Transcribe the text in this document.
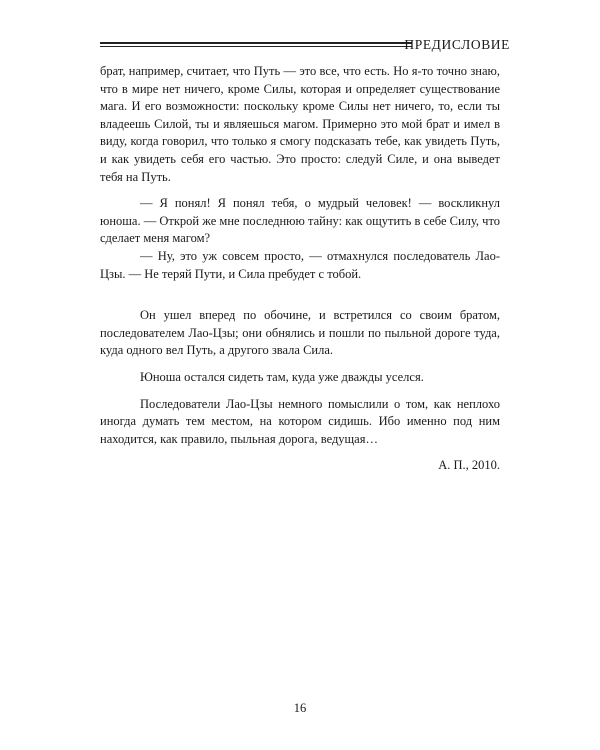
ПРЕДИСЛОВИЕ

брат, например, считает, что Путь — это все, что есть. Но я-то точно знаю, что в мире нет ничего, кроме Силы, которая и определяет существование мага. И его возможности: поскольку кроме Силы нет ничего, то, если ты владеешь Силой, ты и являешься магом. Примерно это мой брат и имел в виду, когда говорил, что только я смогу подсказать тебе, как увидеть Путь, и как увидеть себя его частью. Это просто: следуй Силе, и она выведет тебя на Путь.

— Я понял! Я понял тебя, о мудрый человек! — воскликнул юноша. — Открой же мне последнюю тайну: как ощутить в себе Силу, что сделает меня магом?

— Ну, это уж совсем просто, — отмахнулся последователь Лао-Цзы. — Не теряй Пути, и Сила пребудет с тобой.

Он ушел вперед по обочине, и встретился со своим братом, последователем Лао-Цзы; они обнялись и пошли по пыльной дороге туда, куда одного вел Путь, а другого звала Сила.

Юноша остался сидеть там, куда уже дважды уселся.

Последователи Лао-Цзы немного помыслили о том, как неплохо иногда думать тем местом, на котором сидишь. Ибо именно под ним находится, как правило, пыльная дорога, ведущая…

А. П., 2010.

16
